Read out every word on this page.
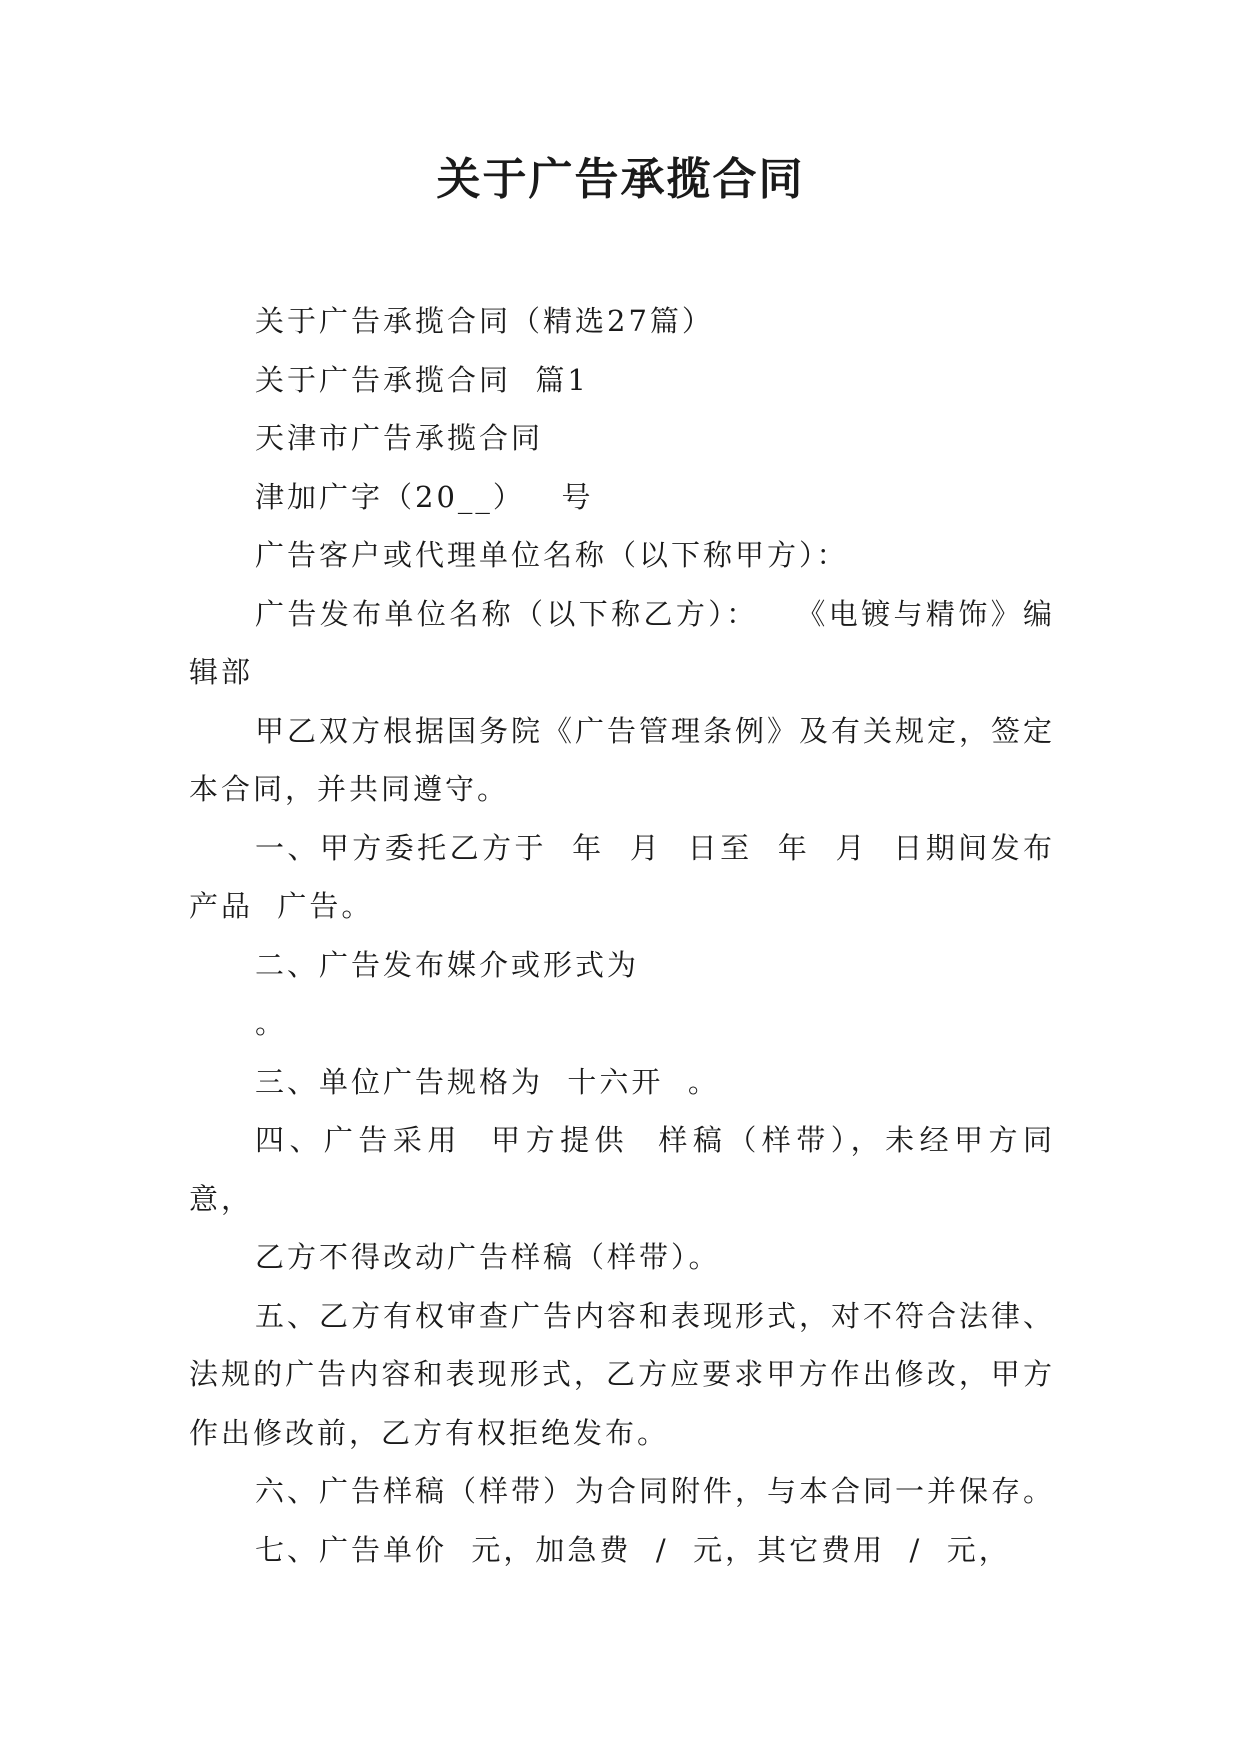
关于广告承揽合同

关于广告承揽合同（精选27篇）

关于广告承揽合同  篇1

天津市广告承揽合同

津加广字（20__）   号

广告客户或代理单位名称（以下称甲方）：

广告发布单位名称（以下称乙方）：   《电镀与精饰》编辑部

甲乙双方根据国务院《广告管理条例》及有关规定，签定本合同，并共同遵守。

一、甲方委托乙方于  年  月  日至  年  月  日期间发布  产品  广告。

二、广告发布媒介或形式为

。

三、单位广告规格为  十六开  。

四、广告采用  甲方提供  样稿（样带），未经甲方同意，

乙方不得改动广告样稿（样带）。

五、乙方有权审查广告内容和表现形式，对不符合法律、法规的广告内容和表现形式，乙方应要求甲方作出修改，甲方作出修改前，乙方有权拒绝发布。

六、广告样稿（样带）为合同附件，与本合同一并保存。

七、广告单价  元，加急费  /  元，其它费用  /  元，
